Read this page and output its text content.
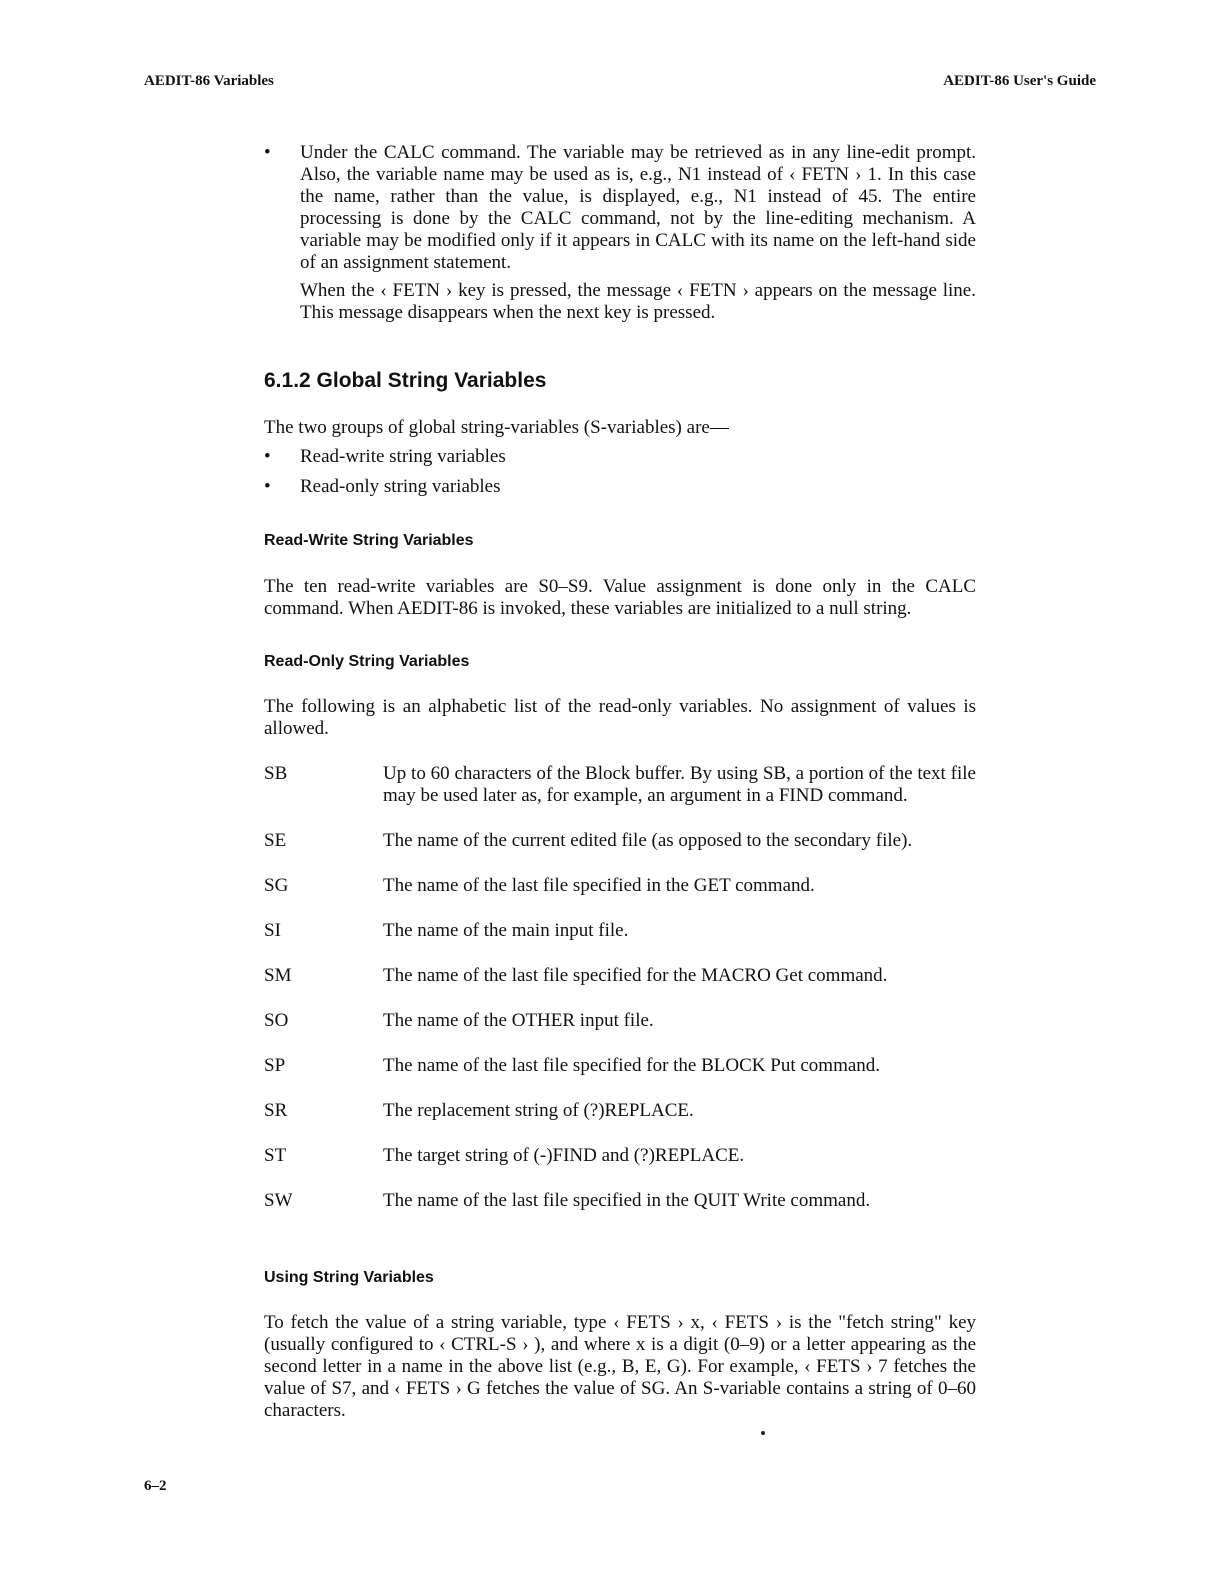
AEDIT-86 Variables	AEDIT-86 User's Guide
•	Under the CALC command. The variable may be retrieved as in any line-edit prompt. Also, the variable name may be used as is, e.g., N1 instead of ‹ FETN › 1. In this case the name, rather than the value, is displayed, e.g., N1 instead of 45. The entire processing is done by the CALC command, not by the line-editing mechanism. A variable may be modified only if it appears in CALC with its name on the left-hand side of an assignment statement.
When the ‹ FETN › key is pressed, the message ‹ FETN › appears on the message line. This message disappears when the next key is pressed.
6.1.2 Global String Variables
The two groups of global string-variables (S-variables) are—
•	Read-write string variables
•	Read-only string variables
Read-Write String Variables
The ten read-write variables are S0–S9. Value assignment is done only in the CALC command. When AEDIT-86 is invoked, these variables are initialized to a null string.
Read-Only String Variables
The following is an alphabetic list of the read-only variables. No assignment of values is allowed.
SB	Up to 60 characters of the Block buffer. By using SB, a portion of the text file may be used later as, for example, an argument in a FIND command.
SE	The name of the current edited file (as opposed to the secondary file).
SG	The name of the last file specified in the GET command.
SI	The name of the main input file.
SM	The name of the last file specified for the MACRO Get command.
SO	The name of the OTHER input file.
SP	The name of the last file specified for the BLOCK Put command.
SR	The replacement string of (?)REPLACE.
ST	The target string of (-)FIND and (?)REPLACE.
SW	The name of the last file specified in the QUIT Write command.
Using String Variables
To fetch the value of a string variable, type ‹ FETS › x, ‹ FETS › is the "fetch string" key (usually configured to ‹ CTRL-S › ), and where x is a digit (0–9) or a letter appearing as the second letter in a name in the above list (e.g., B, E, G). For example, ‹ FETS › 7 fetches the value of S7, and ‹ FETS › G fetches the value of SG. An S-variable contains a string of 0–60 characters.
6–2
